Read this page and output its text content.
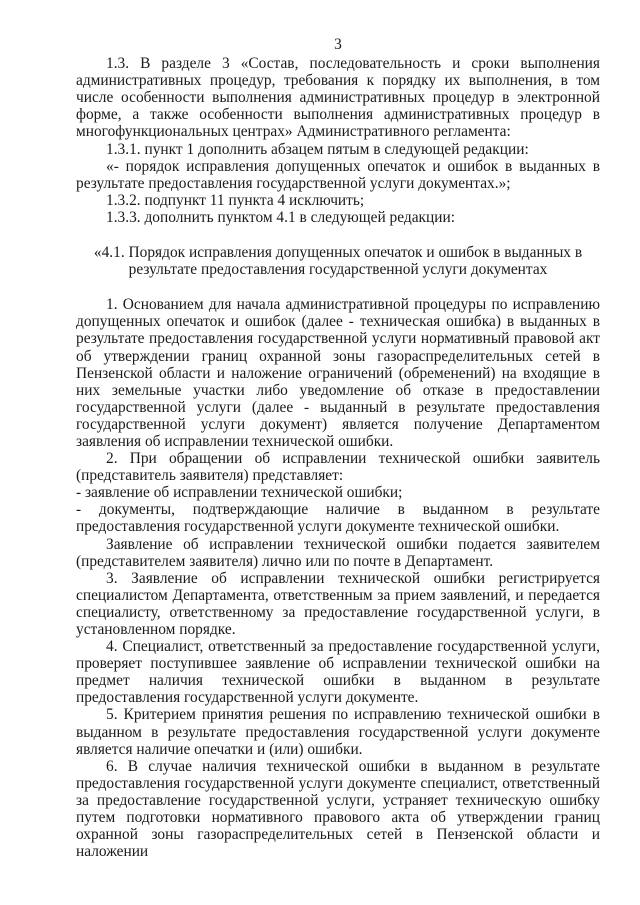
3

1.3. В разделе 3 «Состав, последовательность и сроки выполнения административных процедур, требования к порядку их выполнения, в том числе особенности выполнения административных процедур в электронной форме, а также особенности выполнения административных процедур в многофункциональных центрах» Административного регламента:

1.3.1. пункт 1 дополнить абзацем пятым в следующей редакции:

«- порядок исправления допущенных опечаток и ошибок в выданных в результате предоставления государственной услуги документах.»;

1.3.2. подпункт 11 пункта 4 исключить;

1.3.3. дополнить пунктом 4.1 в следующей редакции:

«4.1. Порядок исправления допущенных опечаток и ошибок в выданных в
результате предоставления государственной услуги документах

1. Основанием для начала административной процедуры по исправлению допущенных опечаток и ошибок (далее - техническая ошибка) в выданных в результате предоставления государственной услуги нормативный правовой акт об утверждении границ охранной зоны газораспределительных сетей в Пензенской области и наложение ограничений (обременений) на входящие в них земельные участки либо уведомление об отказе в предоставлении государственной услуги (далее - выданный в результате предоставления государственной услуги документ) является получение Департаментом заявления об исправлении технической ошибки.

2. При обращении об исправлении технической ошибки заявитель (представитель заявителя) представляет:

- заявление об исправлении технической ошибки;

- документы, подтверждающие наличие в выданном в результате предоставления государственной услуги документе технической ошибки.

Заявление об исправлении технической ошибки подается заявителем (представителем заявителя) лично или по почте в Департамент.

3. Заявление об исправлении технической ошибки регистрируется специалистом Департамента, ответственным за прием заявлений, и передается специалисту, ответственному за предоставление государственной услуги, в установленном порядке.

4. Специалист, ответственный за предоставление государственной услуги, проверяет поступившее заявление об исправлении технической ошибки на предмет наличия технической ошибки в выданном в результате предоставления государственной услуги документе.

5. Критерием принятия решения по исправлению технической ошибки в выданном в результате предоставления государственной услуги документе является наличие опечатки и (или) ошибки.

6. В случае наличия технической ошибки в выданном в результате предоставления государственной услуги документе специалист, ответственный за предоставление государственной услуги, устраняет техническую ошибку путем подготовки нормативного правового акта об утверждении границ охранной зоны газораспределительных сетей в Пензенской области и наложении
